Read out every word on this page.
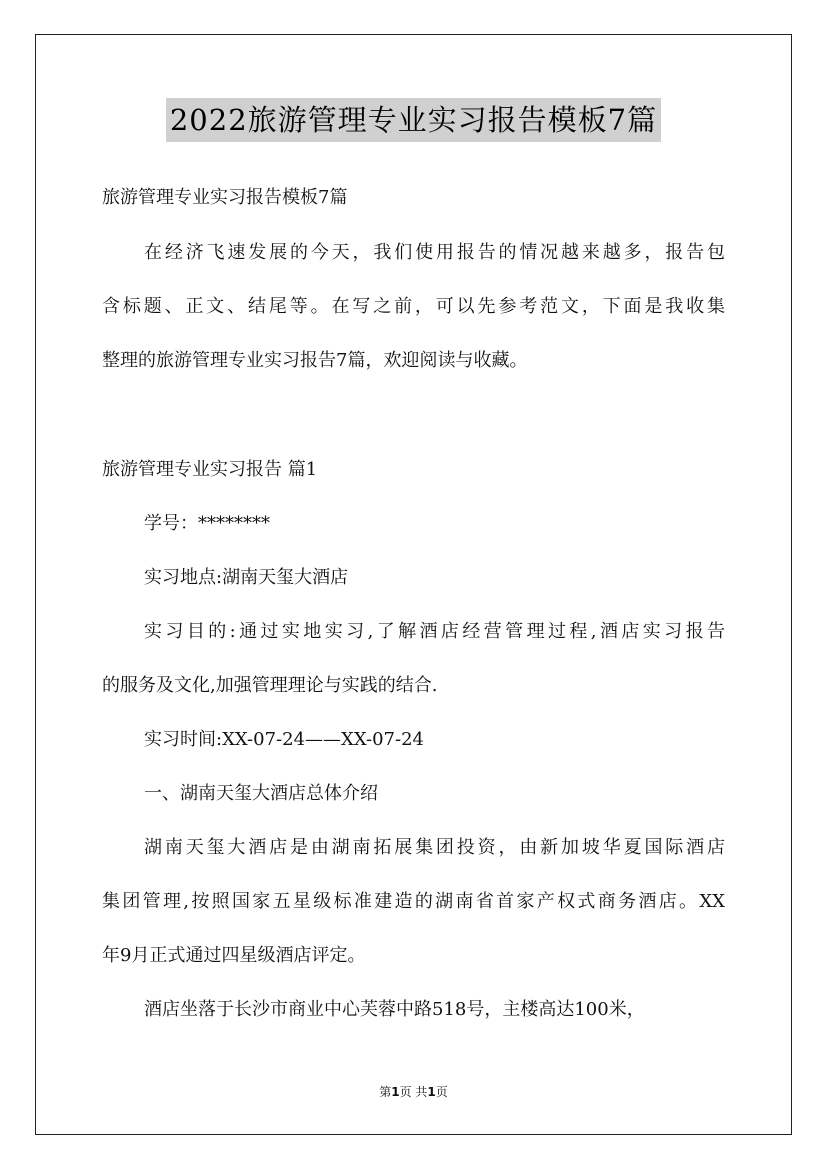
2022旅游管理专业实习报告模板7篇
旅游管理专业实习报告模板7篇
在经济飞速发展的今天，我们使用报告的情况越来越多，报告包
含标题、正文、结尾等。在写之前，可以先参考范文，下面是我收集
整理的旅游管理专业实习报告7篇，欢迎阅读与收藏。
旅游管理专业实习报告 篇1
学号：********
实习地点:湖南天玺大酒店
实习目的:通过实地实习,了解酒店经营管理过程,酒店实习报告
的服务及文化,加强管理理论与实践的结合.
实习时间:XX-07-24——XX-07-24
一、湖南天玺大酒店总体介绍
湖南天玺大酒店是由湖南拓展集团投资，由新加坡华夏国际酒店
集团管理,按照国家五星级标准建造的湖南省首家产权式商务酒店。XX
年9月正式通过四星级酒店评定。
酒店坐落于长沙市商业中心芙蓉中路518号，主楼高达100米，
第1页 共1页
